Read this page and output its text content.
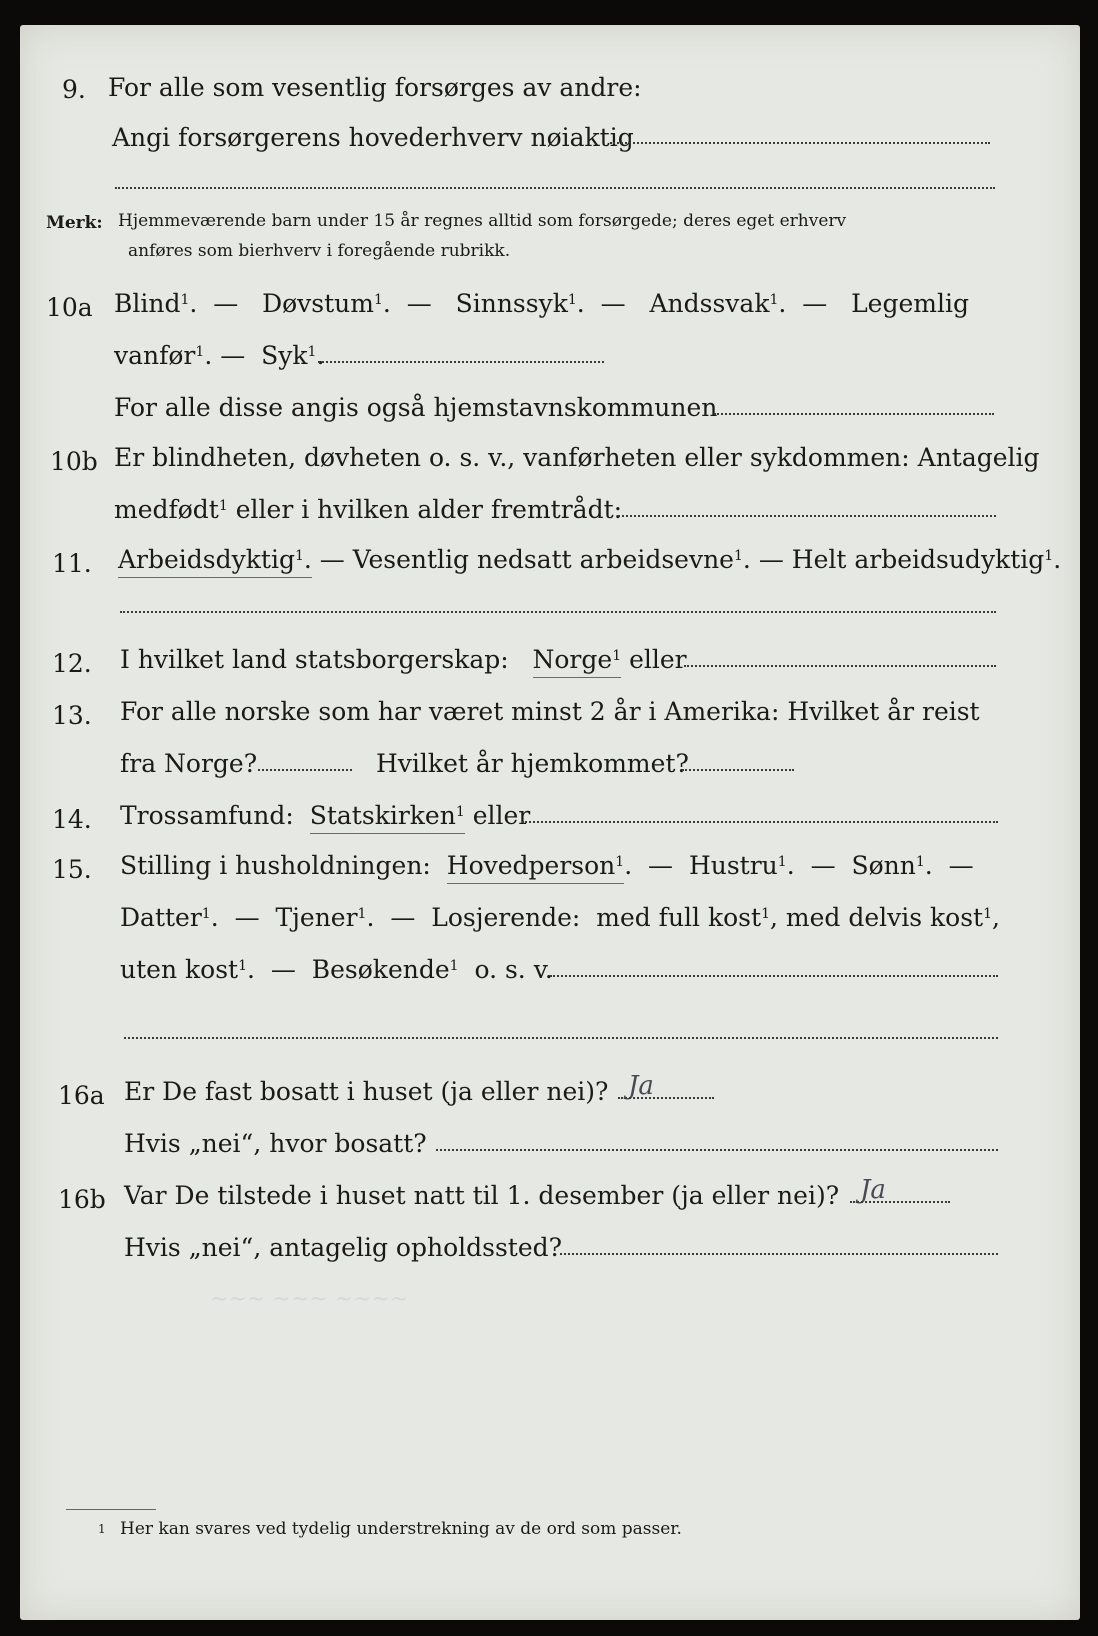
9. For alle som vesentlig forsørges av andre:
Angi forsørgerens hovederhverv nøiaktig
Merk: Hjemmeværende barn under 15 år regnes alltid som forsørgede; deres eget erhverv
anføres som bierhverv i foregående rubrikk.
10a Blind$^1$.  — Døvstum$^1$.  — Sinnssyk$^1$.  — Andssvak$^1$.  — Legemlig
vanfør$^1$. — Syk$^1$.
For alle disse angis også hjemstavnskommunen
10b Er blindheten, døvheten o. s. v., vanførheten eller sykdommen: Antagelig
medfødt$^1$ eller i hvilken alder fremtrådt:
11. Arbeidsdyktig$^1$. — Vesentlig nedsatt arbeidsevne$^1$. — Helt arbeidsudyktig$^1$.
12. I hvilket land statsborgerskap: Norge$^1$ eller
13. For alle norske som har været minst 2 år i Amerika: Hvilket år reist
fra Norge?	Hvilket år hjemkommet?
14. Trossamfund: Statskirken$^1$ eller
15. Stilling i husholdningen: Hovedperson$^1$.  — Hustru$^1$.  — Sønn$^1$.  —
Datter$^1$.  — Tjener$^1$.  — Losjerende: med full kost$^1$, med delvis kost$^1$,
uten kost$^1$.  — Besøkende$^1$ o. s. v.
16a Er De fast bosatt i huset (ja eller nei)? Ja
Hvis „nei“, hvor bosatt?
16b Var De tilstede i huset natt til 1. desember (ja eller nei)? Ja
Hvis „nei“, antagelig opholdssted?
~~~ ~~~ ~~~~
1 Her kan svares ved tydelig understrekning av de ord som passer.
